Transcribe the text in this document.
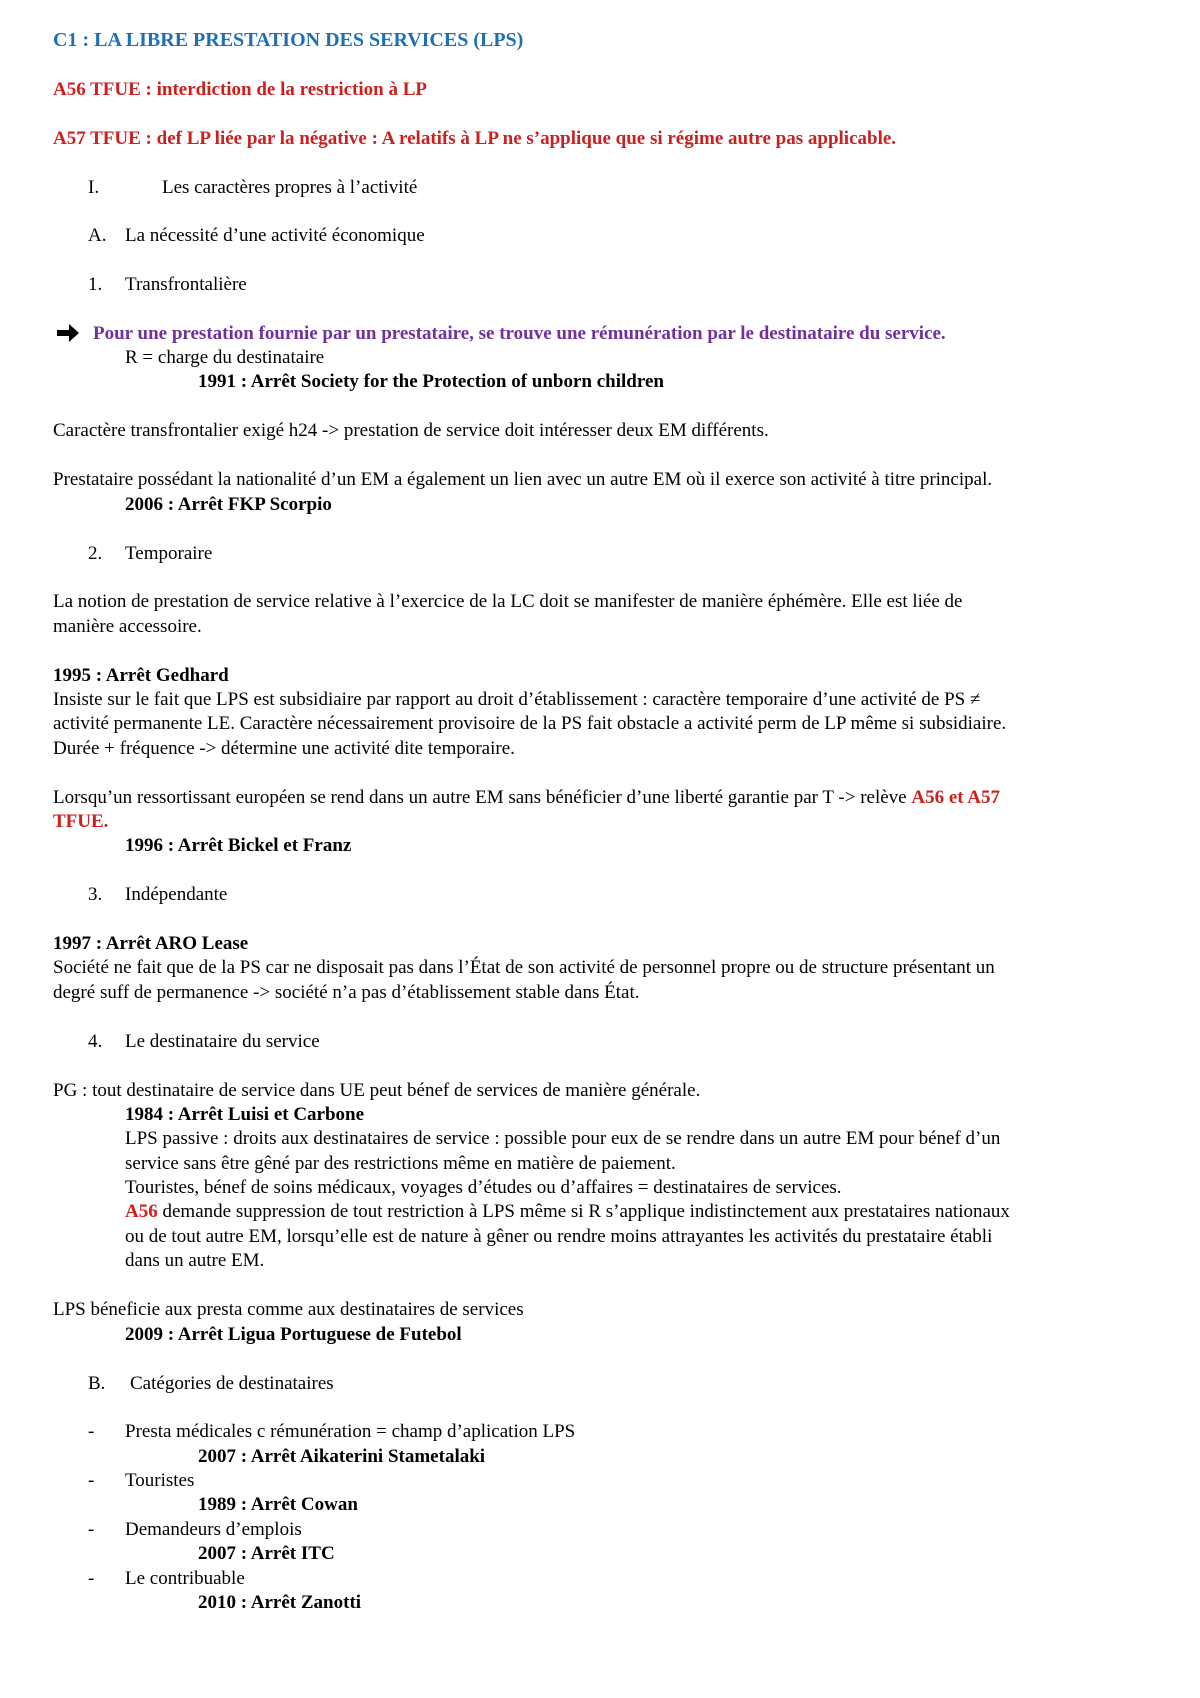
C1 : LA LIBRE PRESTATION DES SERVICES (LPS)
A56 TFUE : interdiction de la restriction à LP
A57 TFUE : def LP liée par la négative : A relatifs à LP ne s’applique que si régime autre pas applicable.
I.	Les caractères propres à l’activité
A. La nécessité d’une activité économique
1. Transfrontalière
Pour une prestation fournie par un prestataire, se trouve une rémunération par le destinataire du service.
R = charge du destinataire
1991 : Arrêt Society for the Protection of unborn children
Caractère transfrontalier exigé h24 -> prestation de service doit intéresser deux EM différents.
Prestataire possédant la nationalité d’un EM a également un lien avec un autre EM où il exerce son activité à titre principal.
2006 : Arrêt FKP Scorpio
2. Temporaire
La notion de prestation de service relative à l’exercice de la LC doit se manifester de manière éphémère. Elle est liée de
manière accessoire.
1995 : Arrêt Gedhard
Insiste sur le fait que LPS est subsidiaire par rapport au droit d’établissement : caractère temporaire d’une activité de PS ≠
activité permanente LE. Caractère nécessairement provisoire de la PS fait obstacle a activité perm de LP même si subsidiaire.
Durée + fréquence -> détermine une activité dite temporaire.
Lorsqu’un ressortissant européen se rend dans un autre EM sans bénéficier d’une liberté garantie par T -> relève A56 et A57
TFUE.
1996 : Arrêt Bickel et Franz
3. Indépendante
1997 : Arrêt ARO Lease
Société ne fait que de la PS car ne disposait pas dans l’État de son activité de personnel propre ou de structure présentant un
degré suff de permanence -> société n’a pas d’établissement stable dans État.
4. Le destinataire du service
PG : tout destinataire de service dans UE peut bénef de services de manière générale.
1984 : Arrêt Luisi et Carbone
LPS passive : droits aux destinataires de service : possible pour eux de se rendre dans un autre EM pour bénef d’un
service sans être gêné par des restrictions même en matière de paiement.
Touristes, bénef de soins médicaux, voyages d’études ou d’affaires = destinataires de services.
A56 demande suppression de tout restriction à LPS même si R s’applique indistinctement aux prestataires nationaux
ou de tout autre EM, lorsqu’elle est de nature à gêner ou rendre moins attrayantes les activités du prestataire établi
dans un autre EM.
LPS béneficie aux presta comme aux destinataires de services
2009 : Arrêt Ligua Portuguese de Futebol
B. Catégories de destinataires
- Presta médicales c rémunération = champ d’aplication LPS
2007 : Arrêt Aikaterini Stametalaki
- Touristes
1989 : Arrêt Cowan
- Demandeurs d’emplois
2007 : Arrêt ITC
- Le contribuable
2010 : Arrêt Zanotti
